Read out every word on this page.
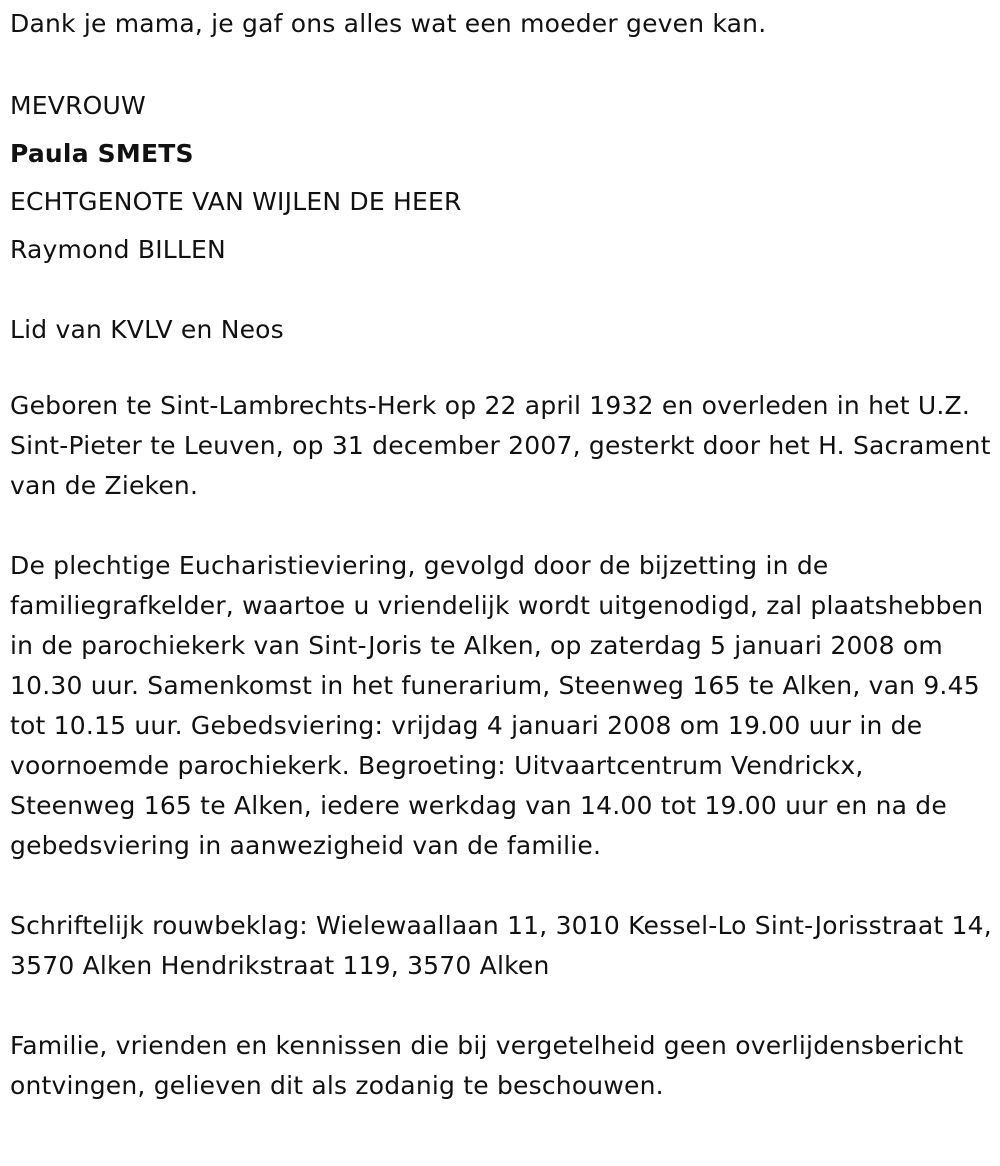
Dank je mama, je gaf ons alles wat een moeder geven kan.
MEVROUW
Paula SMETS
ECHTGENOTE VAN WIJLEN DE HEER
Raymond BILLEN
Lid van KVLV en Neos

Geboren te Sint-Lambrechts-Herk op 22 april 1932 en overleden in het U.Z. Sint-Pieter te Leuven, op 31 december 2007, gesterkt door het H. Sacrament van de Zieken.

De plechtige Eucharistieviering, gevolgd door de bijzetting in de familiegrafkelder, waartoe u vriendelijk wordt uitgenodigd, zal plaatshebben in de parochiekerk van Sint-Joris te Alken, op zaterdag 5 januari 2008 om 10.30 uur. Samenkomst in het funerarium, Steenweg 165 te Alken, van 9.45 tot 10.15 uur. Gebedsviering: vrijdag 4 januari 2008 om 19.00 uur in de voornoemde parochiekerk. Begroeting: Uitvaartcentrum Vendrickx, Steenweg 165 te Alken, iedere werkdag van 14.00 tot 19.00 uur en na de gebedsviering in aanwezigheid van de familie.

Schriftelijk rouwbeklag: Wielewaallaan 11, 3010 Kessel-Lo Sint-Jorisstraat 14, 3570 Alken Hendrikstraat 119, 3570 Alken

Familie, vrienden en kennissen die bij vergetelheid geen overlijdensbericht ontvingen, gelieven dit als zodanig te beschouwen.
